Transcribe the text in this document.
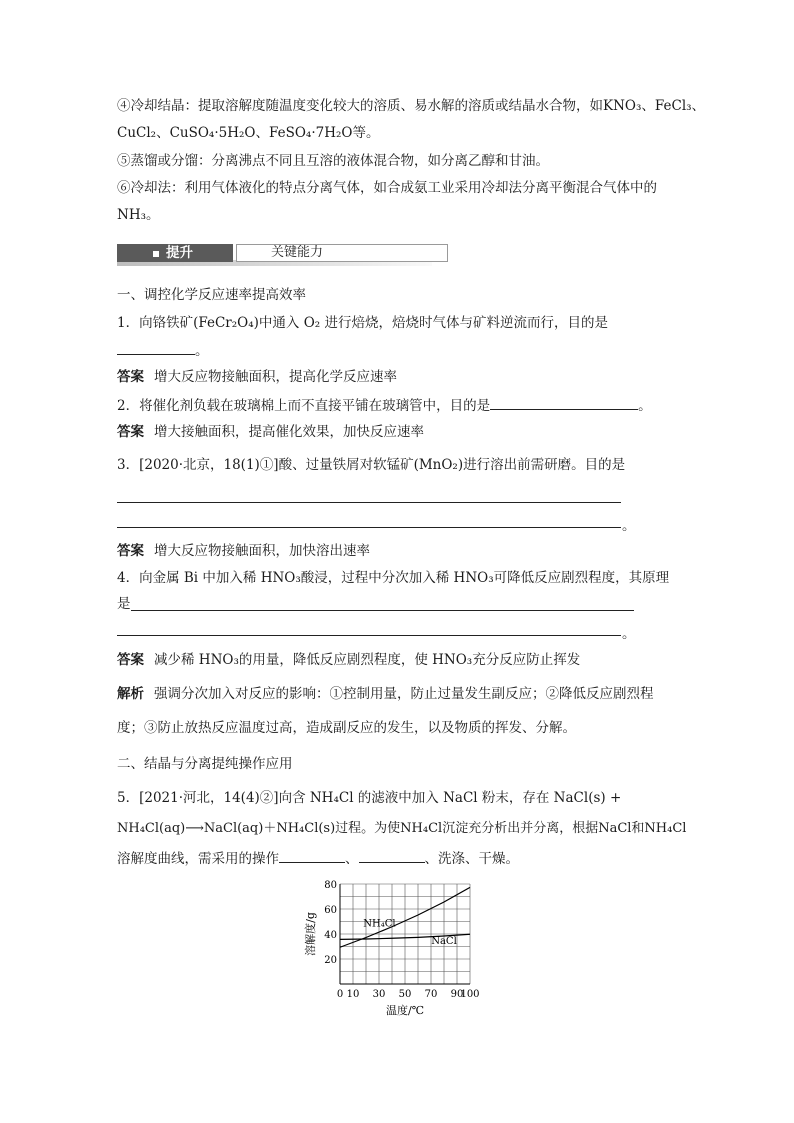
④冷却结晶：提取溶解度随温度变化较大的溶质、易水解的溶质或结晶水合物，如KNO₃、FeCl₃、
CuCl₂、CuSO₄·5H₂O、FeSO₄·7H₂O等。
⑤蒸馏或分馏：分离沸点不同且互溶的液体混合物，如分离乙醇和甘油。
⑥冷却法：利用气体液化的特点分离气体，如合成氨工业采用冷却法分离平衡混合气体中的
NH₃。
提升	关键能力
一、调控化学反应速率提高效率
1．向铬铁矿(FeCr₂O₄)中通入 O₂ 进行焙烧，焙烧时气体与矿料逆流而行，目的是
。
答案 增大反应物接触面积，提高化学反应速率
2．将催化剂负载在玻璃棉上而不直接平铺在玻璃管中，目的是	。
答案 增大接触面积，提高催化效果，加快反应速率
3．[2020·北京，18(1)①]酸、过量铁屑对软锰矿(MnO₂)进行溶出前需研磨。目的是
。
答案 增大反应物接触面积，加快溶出速率
4．向金属 Bi 中加入稀 HNO₃酸浸，过程中分次加入稀 HNO₃可降低反应剧烈程度，其原理
是
。
答案 减少稀 HNO₃的用量，降低反应剧烈程度，使 HNO₃充分反应防止挥发
解析 强调分次加入对反应的影响：①控制用量，防止过量发生副反应；②降低反应剧烈程
度；③防止放热反应温度过高，造成副反应的发生，以及物质的挥发、分解。
二、结晶与分离提纯操作应用
5．[2021·河北，14(4)②]向含 NH₄Cl 的滤液中加入 NaCl 粉末，存在 NaCl(s) +
NH₄Cl(aq)⟶NaCl(aq)＋NH₄Cl(s)过程。为使NH₄Cl沉淀充分析出并分离，根据NaCl和NH₄Cl
溶解度曲线，需采用的操作	、	、洗涤、干燥。
0 10 30 50 70 90
100
20
40
60
80
NH₄Cl
NaCl
温度/℃
溶解度/g
